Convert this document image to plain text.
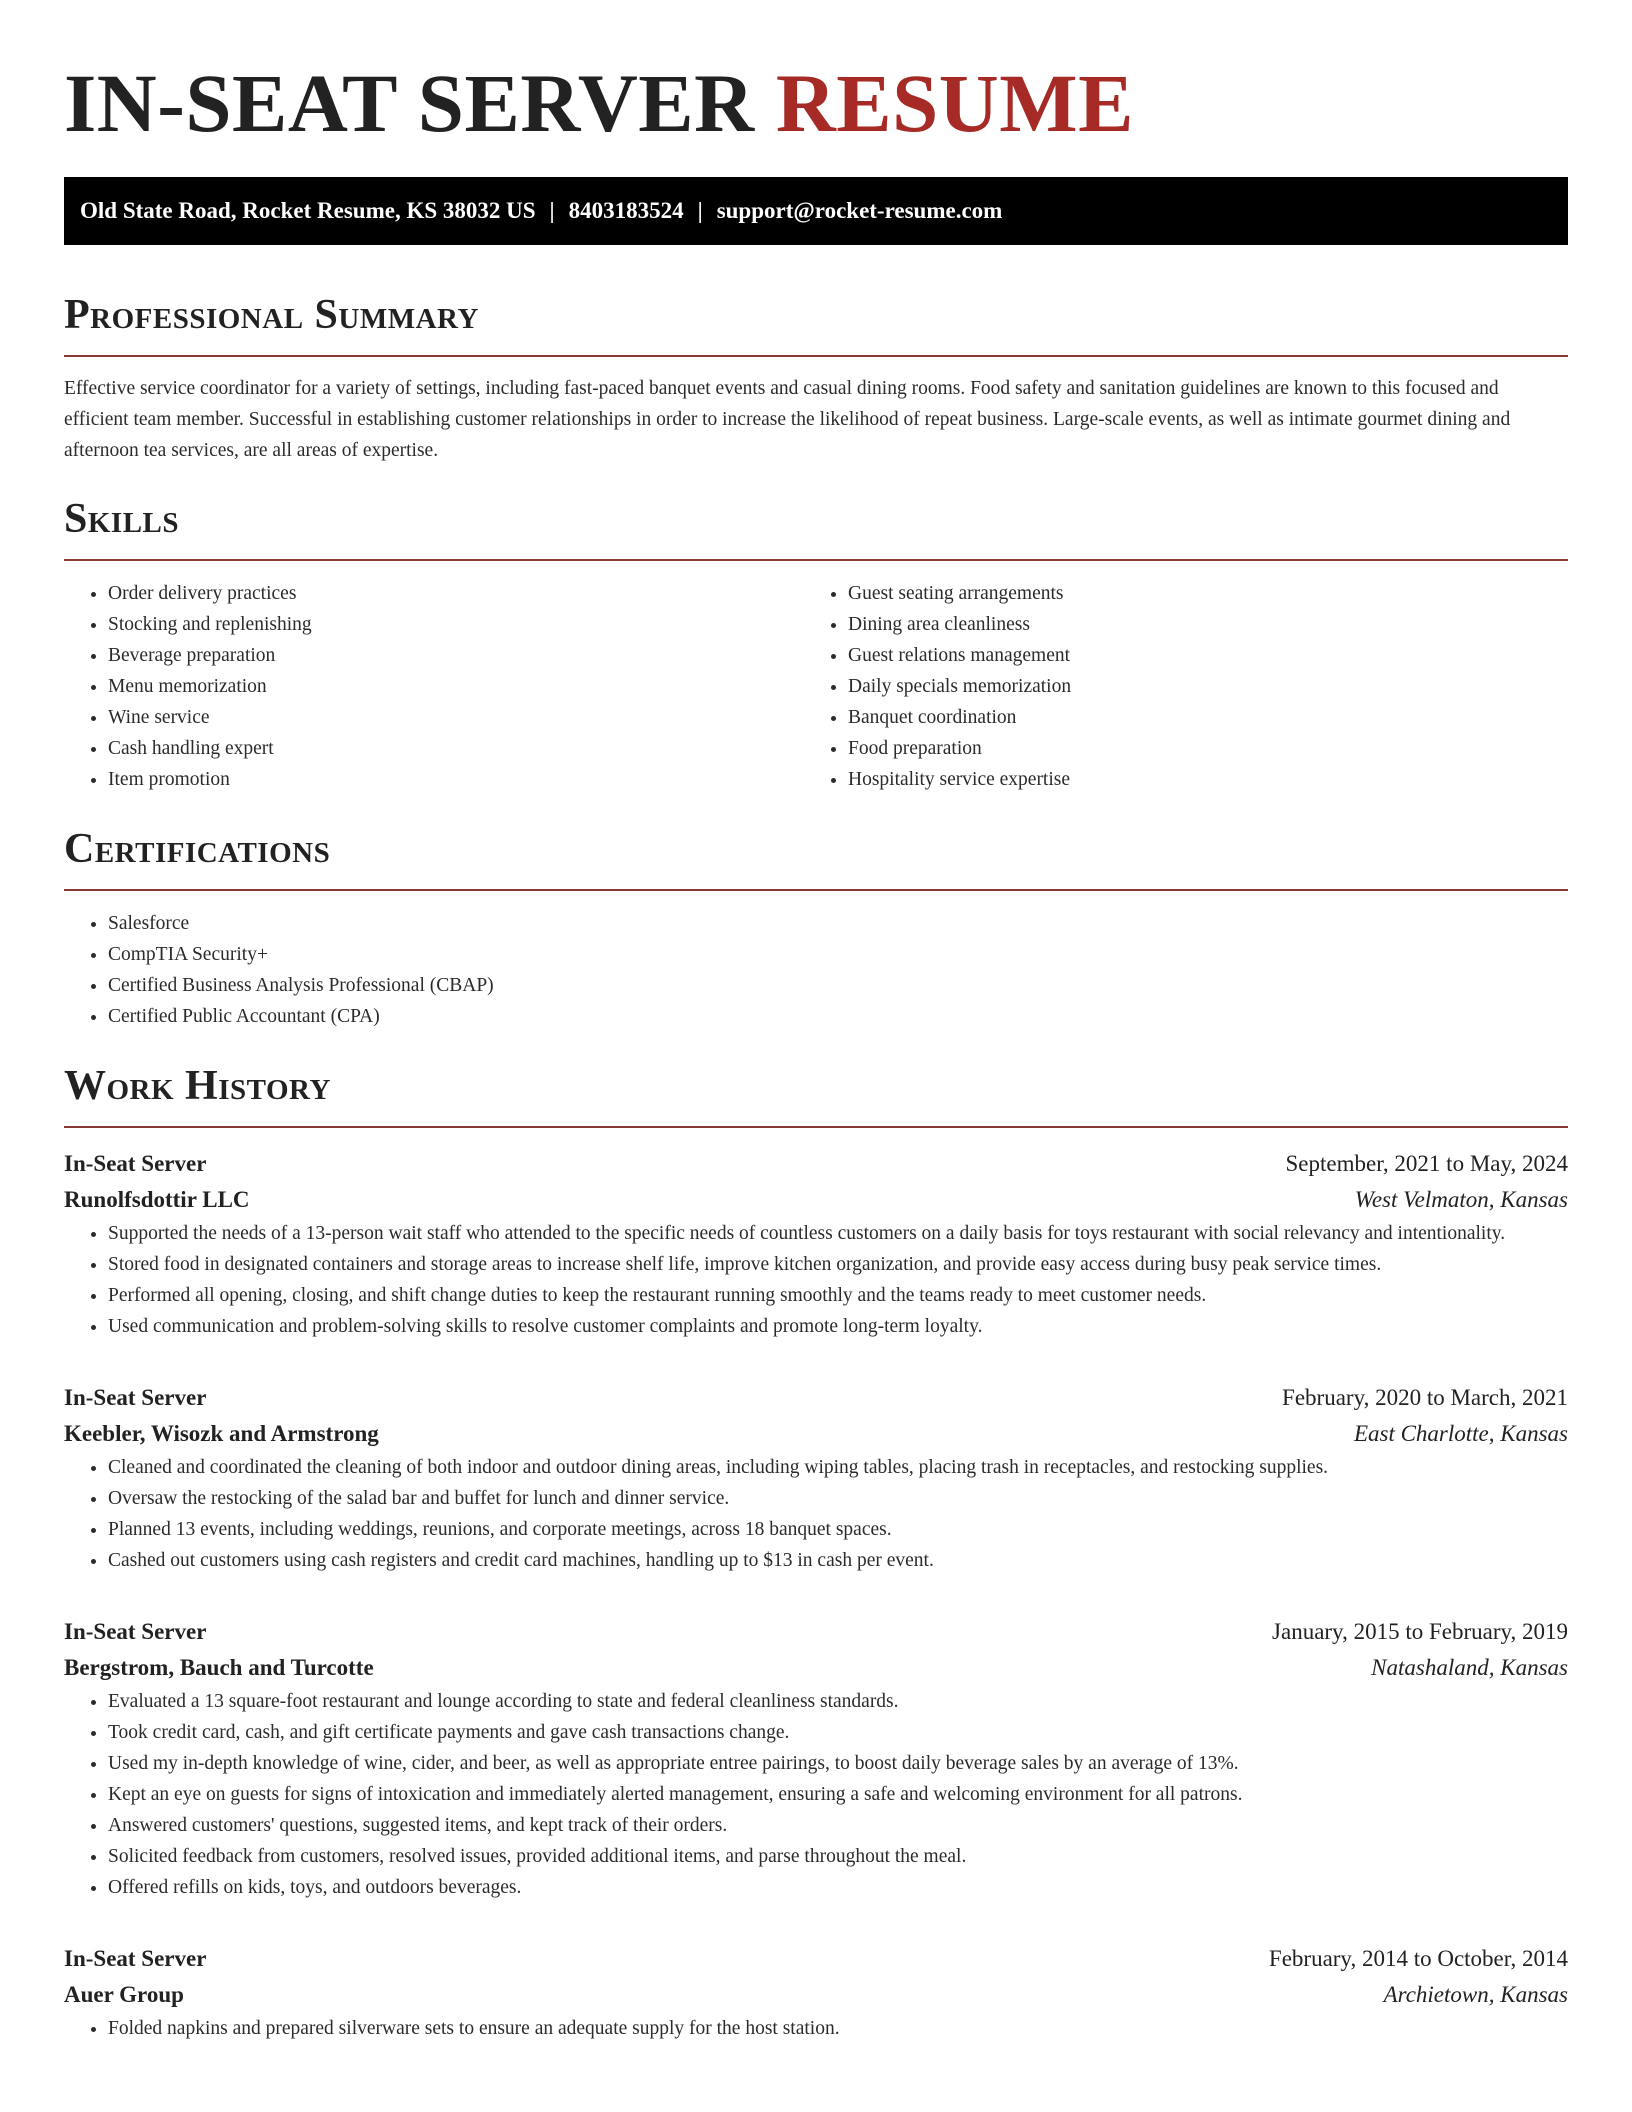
IN-SEAT SERVER RESUME
Old State Road, Rocket Resume, KS 38032 US | 8403183524 | support@rocket-resume.com
Professional Summary

Effective service coordinator for a variety of settings, including fast-paced banquet events and casual dining rooms. Food safety and sanitation guidelines are known to this focused and efficient team member. Successful in establishing customer relationships in order to increase the likelihood of repeat business. Large-scale events, as well as intimate gourmet dining and afternoon tea services, are all areas of expertise.

Skills
• Order delivery practices
• Stocking and replenishing
• Beverage preparation
• Menu memorization
• Wine service
• Cash handling expert
• Item promotion
• Guest seating arrangements
• Dining area cleanliness
• Guest relations management
• Daily specials memorization
• Banquet coordination
• Food preparation
• Hospitality service expertise
Certifications
• Salesforce
• CompTIA Security+
• Certified Business Analysis Professional (CBAP)
• Certified Public Accountant (CPA)
Work History
In-Seat Server	September, 2021 to May, 2024
Runolfsdottir LLC	West Velmaton, Kansas
• Supported the needs of a 13-person wait staff who attended to the specific needs of countless customers on a daily basis for toys restaurant with social relevancy and intentionality.
• Stored food in designated containers and storage areas to increase shelf life, improve kitchen organization, and provide easy access during busy peak service times.
• Performed all opening, closing, and shift change duties to keep the restaurant running smoothly and the teams ready to meet customer needs.
• Used communication and problem-solving skills to resolve customer complaints and promote long-term loyalty.
In-Seat Server	February, 2020 to March, 2021
Keebler, Wisozk and Armstrong	East Charlotte, Kansas
• Cleaned and coordinated the cleaning of both indoor and outdoor dining areas, including wiping tables, placing trash in receptacles, and restocking supplies.
• Oversaw the restocking of the salad bar and buffet for lunch and dinner service.
• Planned 13 events, including weddings, reunions, and corporate meetings, across 18 banquet spaces.
• Cashed out customers using cash registers and credit card machines, handling up to $13 in cash per event.
In-Seat Server	January, 2015 to February, 2019
Bergstrom, Bauch and Turcotte	Natashaland, Kansas
• Evaluated a 13 square-foot restaurant and lounge according to state and federal cleanliness standards.
• Took credit card, cash, and gift certificate payments and gave cash transactions change.
• Used my in-depth knowledge of wine, cider, and beer, as well as appropriate entree pairings, to boost daily beverage sales by an average of 13%.
• Kept an eye on guests for signs of intoxication and immediately alerted management, ensuring a safe and welcoming environment for all patrons.
• Answered customers' questions, suggested items, and kept track of their orders.
• Solicited feedback from customers, resolved issues, provided additional items, and parse throughout the meal.
• Offered refills on kids, toys, and outdoors beverages.
In-Seat Server	February, 2014 to October, 2014
Auer Group	Archietown, Kansas
• Folded napkins and prepared silverware sets to ensure an adequate supply for the host station.
